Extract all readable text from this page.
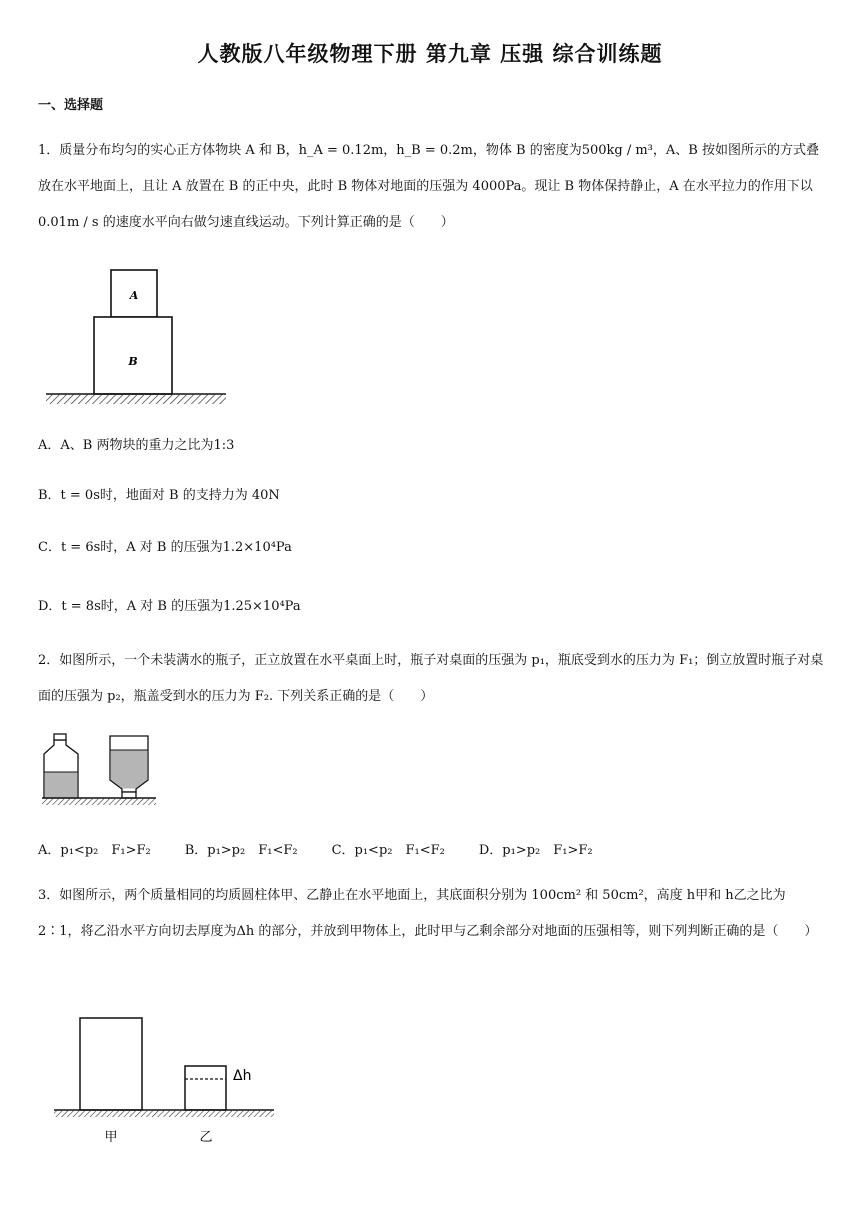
人教版八年级物理下册 第九章 压强 综合训练题
一、选择题
1．质量分布均匀的实心正方体物块 A 和 B，h_A = 0.12m，h_B = 0.2m，物体 B 的密度为500kg / m³，A、B 按如图所示的方式叠放在水平地面上，且让 A 放置在 B 的正中央，此时 B 物体对地面的压强为 4000Pa。现让 B 物体保持静止，A 在水平拉力的作用下以 0.01m / s 的速度水平向右做匀速直线运动。下列计算正确的是（　　）
A
B
A．A、B 两物块的重力之比为1:3
B．t = 0s时，地面对 B 的支持力为 40N
C．t = 6s时，A 对 B 的压强为1.2×10⁴Pa
D．t = 8s时，A 对 B 的压强为1.25×10⁴Pa
2．如图所示，一个未装满水的瓶子，正立放置在水平桌面上时，瓶子对桌面的压强为 p₁，瓶底受到水的压力为 F₁；倒立放置时瓶子对桌面的压强为 p₂，瓶盖受到水的压力为 F₂. 下列关系正确的是（　　）
A．p₁<p₂　F₁>F₂	B．p₁>p₂　F₁<F₂	C．p₁<p₂　F₁<F₂	D．p₁>p₂　F₁>F₂
3．如图所示，两个质量相同的均质圆柱体甲、乙静止在水平地面上，其底面积分别为 100cm² 和 50cm²，高度 h甲和 h乙之比为 2∶1，将乙沿水平方向切去厚度为Δh 的部分，并放到甲物体上，此时甲与乙剩余部分对地面的压强相等，则下列判断正确的是（　　）
Δh
甲	乙
